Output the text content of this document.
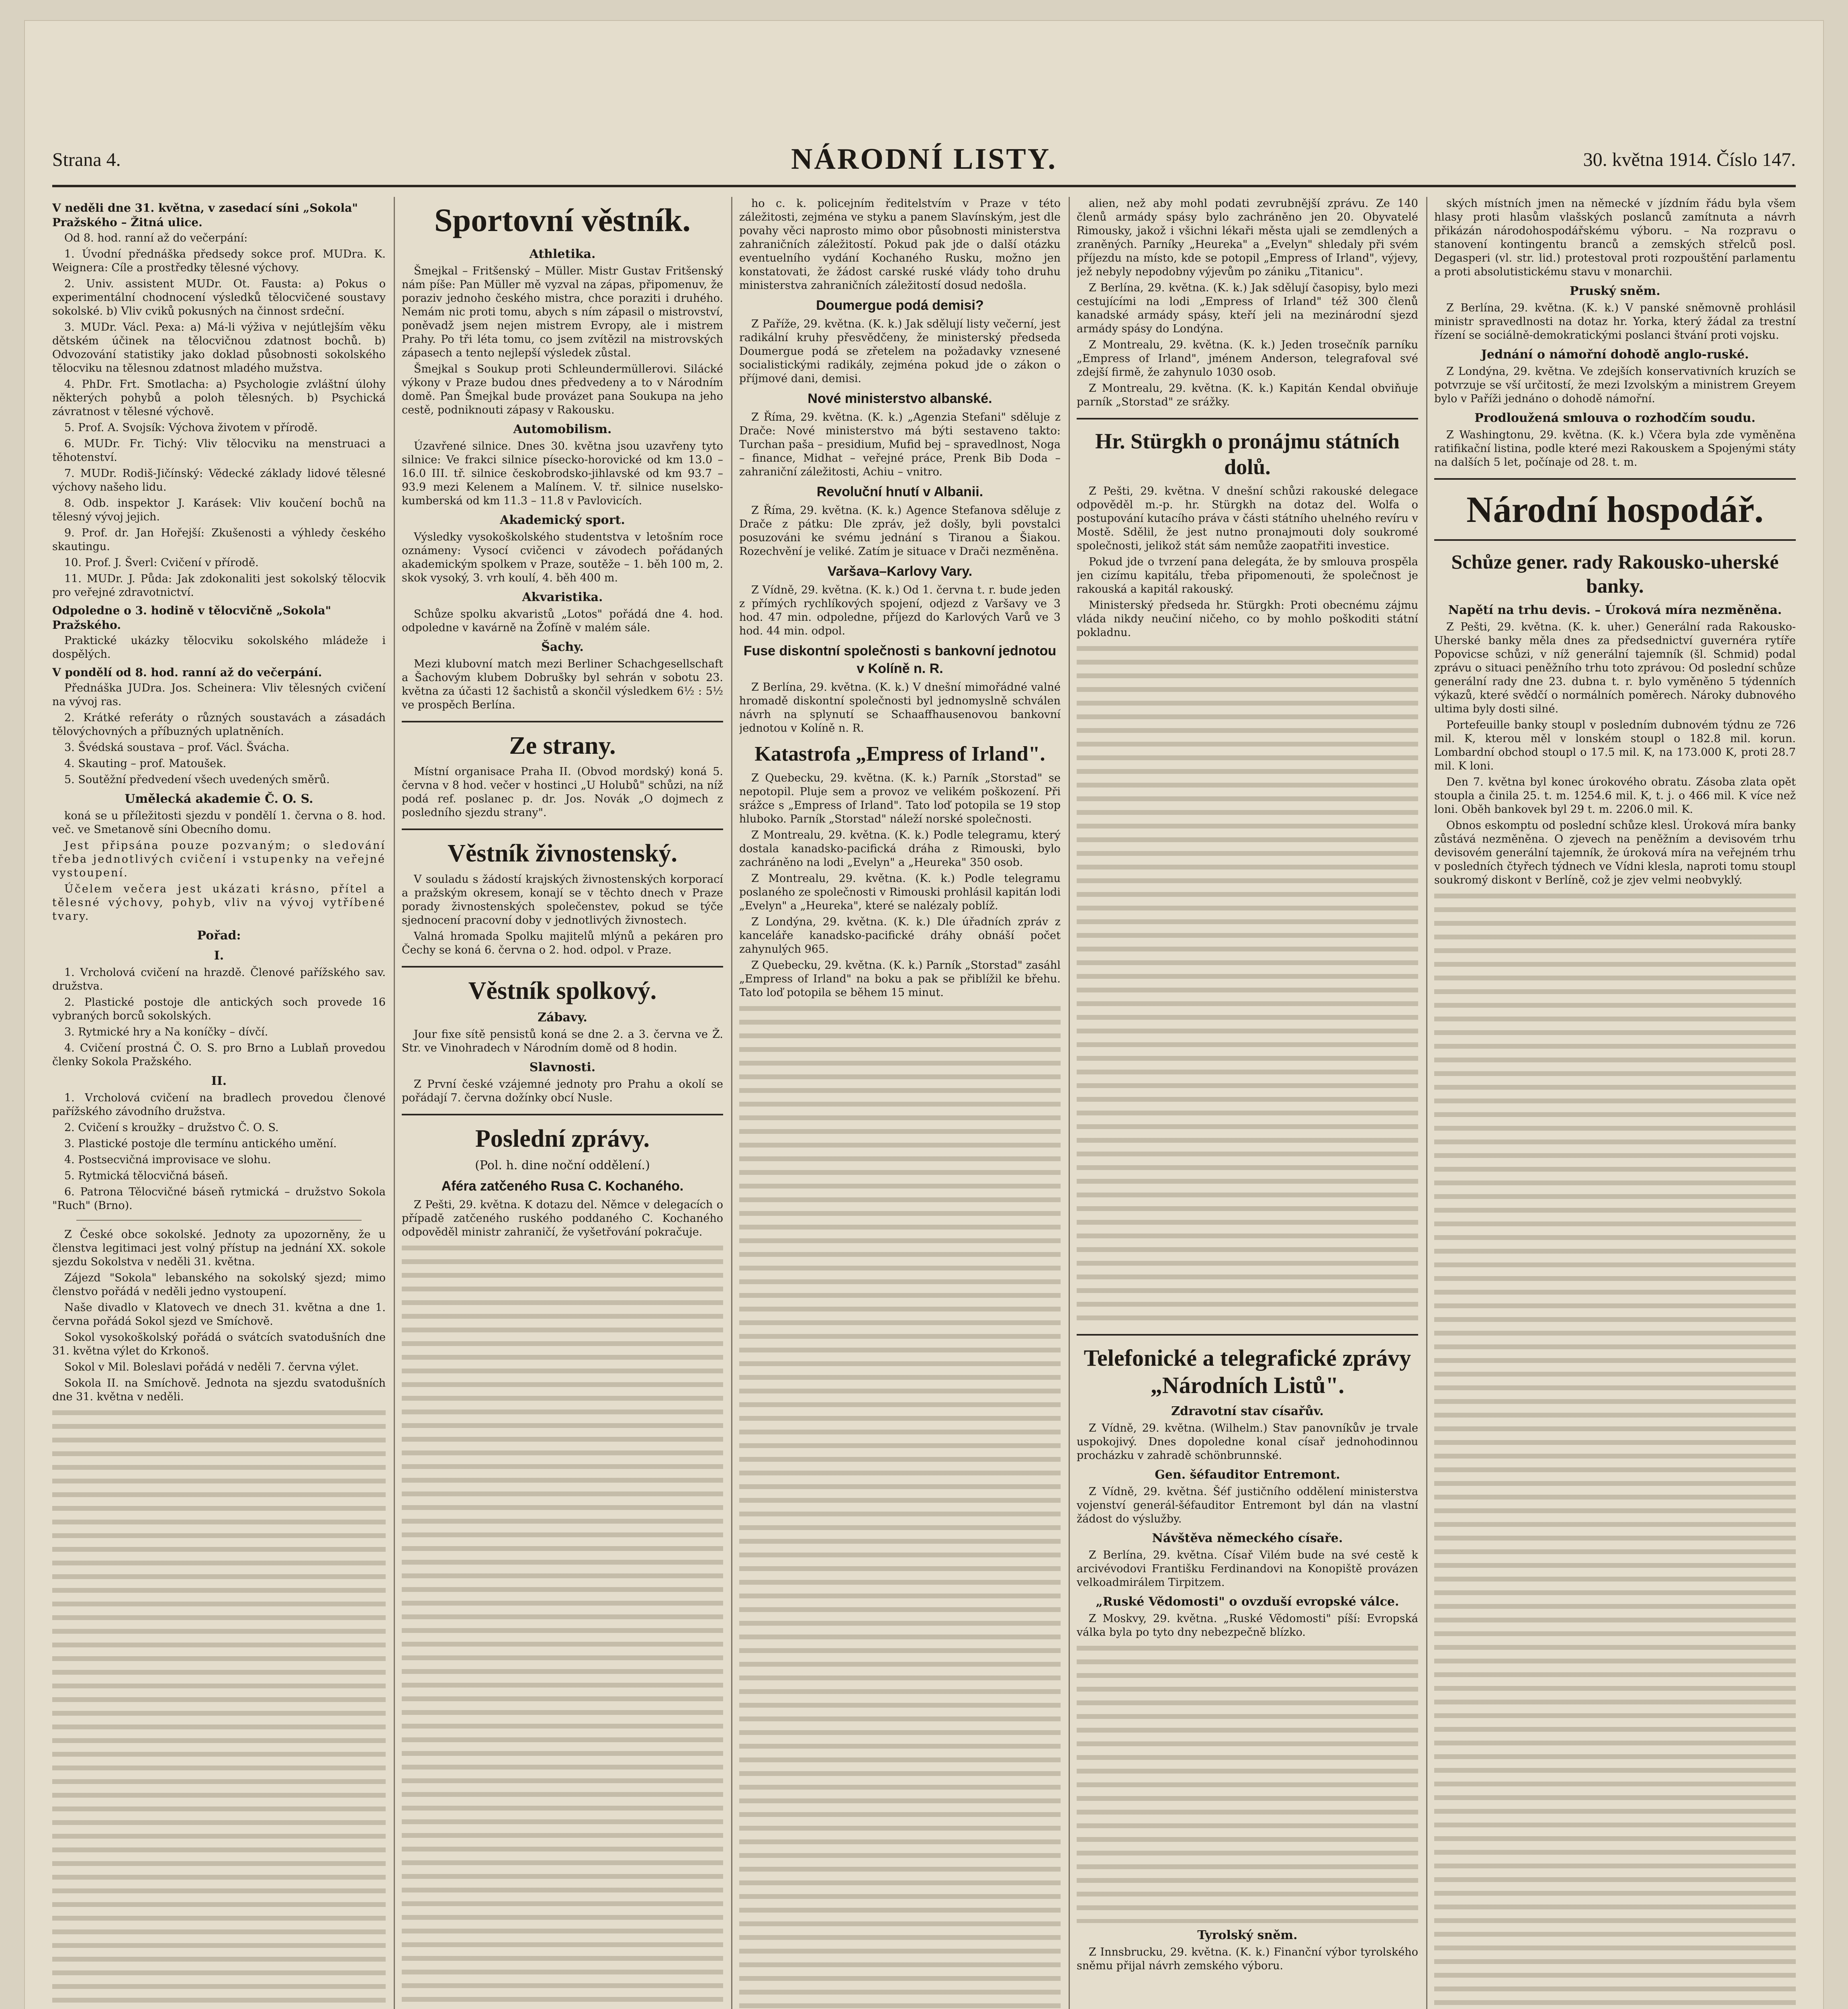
Strana 4.	NÁRODNÍ LISTY.	30. května 1914. Číslo 147.
V neděli dne 31. května, v zasedací síni „Sokola" Pražského – Žitná ulice.

Od 8. hod. ranní až do večerpání:

1. Úvodní přednáška předsedy sokce prof. MUDra. K. Weignera: Cíle a prostředky tělesné výchovy.

2. Univ. assistent MUDr. Ot. Fausta: a) Pokus o experimentální chodnocení výsledků tělocvičené soustavy sokolské. b) Vliv cviků pokusných na činnost srdeční.

3. MUDr. Václ. Pexa: a) Má-li výživa v nejútlejším věku dětském účinek na tělocvičnou zdatnost bochů. b) Odvozování statistiky jako doklad působnosti sokolského tělocviku na tělesnou zdatnost mladého mužstva.

4. PhDr. Frt. Smotlacha: a) Psychologie zvláštní úlohy některých pohybů a poloh tělesných. b) Psychická závratnost v tělesné výchově.

5. Prof. A. Svojsík: Výchova životem v přírodě.

6. MUDr. Fr. Tichý: Vliv tělocviku na menstruaci a těhotenství.

7. MUDr. Rodiš-Jičínský: Vědecké základy lidové tělesné výchovy našeho lidu.

8. Odb. inspektor J. Karásek: Vliv koučení bochů na tělesný vývoj jejich.

9. Prof. dr. Jan Hořejší: Zkušenosti a výhledy českého skautingu.

10. Prof. J. Šverl: Cvičení v přírodě.

11. MUDr. J. Půda: Jak zdokonaliti jest sokolský tělocvik pro veřejné zdravotnictví.

Odpoledne o 3. hodině v tělocvičně „Sokola" Pražského.

Praktické ukázky tělocviku sokolského mládeže i dospělých.

V pondělí od 8. hod. ranní až do večerpání.

Přednáška JUDra. Jos. Scheinera: Vliv tělesných cvičení na vývoj ras.

2. Krátké referáty o různých soustavách a zásadách tělovýchovných a příbuzných uplatněních.

3. Švédská soustava – prof. Václ. Švácha.

4. Skauting – prof. Matoušek.

5. Soutěžní předvedení všech uvedených směrů.

Umělecká akademie Č. O. S.

koná se u příležitosti sjezdu v pondělí 1. června o 8. hod. več. ve Smetanově síni Obecního domu.

Jest připsána pouze pozvaným; o sledování třeba jednotlivých cvičení i vstupenky na veřejné vystoupení.

Účelem večera jest ukázati krásno, přítel a tělesné výchovy, pohyb, vliv na vývoj vytříbené tvary.

Pořad:
I.

1. Vrcholová cvičení na hrazdě. Členové pařížského sav. družstva.

2. Plastické postoje dle antických soch provede 16 vybraných borců sokolských.

3. Rytmické hry a Na koníčky – dívčí.

4. Cvičení prostná Č. O. S. pro Brno a Lublaň provedou členky Sokola Pražského.

II.

1. Vrcholová cvičení na bradlech provedou členové pařížského závodního družstva.

2. Cvičení s kroužky – družstvo Č. O. S.

3. Plastické postoje dle termínu antického umění.

4. Postsecvičná improvisace ve slohu.

5. Rytmická tělocvičná báseň.

6. Patrona Tělocvičné báseň rytmická – družstvo Sokola "Ruch" (Brno).

Z České obce sokolské. Jednoty za upozorněny, že u členstva legitimaci jest volný přístup na jednání XX. sokole sjezdu Sokolstva v neděli 31. května.

Zájezd "Sokola" lebanského na sokolský sjezd; mimo členstvo pořádá v neděli jedno vystoupení.

Naše divadlo v Klatovech ve dnech 31. května a dne 1. června pořádá Sokol sjezd ve Smíchově.

Sokol vysokoškolský pořádá o svátcích svatodušních dne 31. května výlet do Krkonoš.

Sokol v Mil. Boleslavi pořádá v neděli 7. června výlet.

Sokola II. na Smíchově. Jednota na sjezdu svatodušních dne 31. května v neděli.

Sportovní věstník.
Athletika.

Šmejkal – Fritšenský – Müller. Mistr Gustav Fritšenský nám píše: Pan Müller mě vyzval na zápas, připomenuv, že poraziv jednoho českého mistra, chce poraziti i druhého. Nemám nic proti tomu, abych s ním zápasil o mistrovství, poněvadž jsem nejen mistrem Evropy, ale i mistrem Prahy. Po tři léta tomu, co jsem zvítězil na mistrovských zápasech a tento nejlepší výsledek zůstal.

Šmejkal s Soukup proti Schleundermüllerovi. Silácké výkony v Praze budou dnes předvedeny a to v Národním domě. Pan Šmejkal bude provázet pana Soukupa na jeho cestě, podniknouti zápasy v Rakousku.

Automobilism.

Úzavřené silnice. Dnes 30. května jsou uzavřeny tyto silnice: Ve frakci silnice písecko-horovické od km 13.0 – 16.0 III. tř. silnice českobrodsko-jihlavské od km 93.7 – 93.9 mezi Kelenem a Malínem. V. tř. silnice nuselsko-kumberská od km 11.3 – 11.8 v Pavlovicích.

Akademický sport.

Výsledky vysokoškolského studentstva v letošním roce oznámeny: Vysocí cvičenci v závodech pořádaných akademickým spolkem v Praze, soutěže – 1. běh 100 m, 2. skok vysoký, 3. vrh koulí, 4. běh 400 m.

Akvaristika.

Schůze spolku akvaristů „Lotos" pořádá dne 4. hod. odpoledne v kavárně na Žofíně v malém sále.

Šachy.

Mezi klubovní match mezi Berliner Schachgesellschaft a Šachovým klubem Dobrušky byl sehrán v sobotu 23. května za účasti 12 šachistů a skončil výsledkem 6½ : 5½ ve prospěch Berlína.

Ze strany.

Místní organisace Praha II. (Obvod mordský) koná 5. června v 8 hod. večer v hostinci „U Holubů" schůzi, na níž podá ref. poslanec p. dr. Jos. Novák „O dojmech z posledního sjezdu strany".

Věstník živnostenský.

V souladu s žádostí krajských živnostenských korporací a pražským okresem, konají se v těchto dnech v Praze porady živnostenských společenstev, pokud se týče sjednocení pracovní doby v jednotlivých živnostech.

Valná hromada Spolku majitelů mlýnů a pekáren pro Čechy se koná 6. června o 2. hod. odpol. v Praze.

Věstník spolkový.
Zábavy.

Jour fixe sítě pensistů koná se dne 2. a 3. června ve Ž. Str. ve Vinohradech v Národním domě od 8 hodin.

Slavnosti.

Z První české vzájemné jednoty pro Prahu a okolí se pořádají 7. června dožínky obcí Nusle.

Poslední zprávy.
(Pol. h. dine noční oddělení.)
Aféra zatčeného Rusa C. Kochaného.

Z Pešti, 29. května. K dotazu del. Němce v delegacích o případě zatčeného ruského poddaného C. Kochaného odpověděl ministr zahraničí, že vyšetřování pokračuje.

ho c. k. policejním ředitelstvím v Praze v této záležitosti, zejména ve styku a panem Slavínským, jest dle povahy věci naprosto mimo obor působnosti ministerstva zahraničních záležitostí. Pokud pak jde o další otázku eventuelního vydání Kochaného Rusku, možno jen konstatovati, že žádost carské ruské vlády toho druhu ministerstva zahraničních záležitostí dosud nedošla.

Doumergue podá demisi?

Z Paříže, 29. května. (K. k.) Jak sdělují listy večerní, jest radikální kruhy přesvědčeny, že ministerský předseda Doumergue podá se zřetelem na požadavky vznesené socialistickými radikály, zejména pokud jde o zákon o příjmové dani, demisi.

Nové ministerstvo albanské.

Z Říma, 29. května. (K. k.) „Agenzia Stefani" sděluje z Drače: Nové ministerstvo má býti sestaveno takto: Turchan paša – presidium, Mufid bej – spravedlnost, Noga – finance, Midhat – veřejné práce, Prenk Bib Doda – zahraniční záležitosti, Achiu – vnitro.

Revoluční hnutí v Albanii.

Z Říma, 29. května. (K. k.) Agence Stefanova sděluje z Drače z pátku: Dle zpráv, jež došly, byli povstalci posuzováni ke svému jednání s Tiranou a Šiakou. Rozechvění je veliké. Zatím je situace v Drači nezměněna.

Varšava–Karlovy Vary.

Z Vídně, 29. května. (K. k.) Od 1. června t. r. bude jeden z přímých rychlíkových spojení, odjezd z Varšavy ve 3 hod. 47 min. odpoledne, příjezd do Karlových Varů ve 3 hod. 44 min. odpol.

Fuse diskontní společnosti s bankovní jednotou v Kolíně n. R.

Z Berlína, 29. května. (K. k.) V dnešní mimořádné valné hromadě diskontní společnosti byl jednomyslně schválen návrh na splynutí se Schaaffhausenovou bankovní jednotou v Kolíně n. R.

Katastrofa „Empress of Irland".

Z Quebecku, 29. května. (K. k.) Parník „Storstad" se nepotopil. Pluje sem a provoz ve velikém poškození. Při srážce s „Empress of Irland". Tato loď potopila se 19 stop hluboko. Parník „Storstad" náleží norské společnosti.

Z Montrealu, 29. května. (K. k.) Podle telegramu, který dostala kanadsko-pacifická dráha z Rimouski, bylo zachráněno na lodi „Evelyn" a „Heureka" 350 osob.

Z Montrealu, 29. května. (K. k.) Podle telegramu poslaného ze společnosti v Rimouski prohlásil kapitán lodi „Evelyn" a „Heureka", které se nalézaly poblíž.

Z Londýna, 29. května. (K. k.) Dle úřadních zpráv z kanceláře kanadsko-pacifické dráhy obnáší počet zahynulých 965.

Z Quebecku, 29. května. (K. k.) Parník „Storstad" zasáhl „Empress of Irland" na boku a pak se přiblížil ke břehu. Tato loď potopila se během 15 minut.

alien, než aby mohl podati zevrubnější zprávu. Ze 140 členů armády spásy bylo zachráněno jen 20. Obyvatelé Rimousky, jakož i všichni lékaři města ujali se zemdlených a zraněných. Parníky „Heureka" a „Evelyn" shledaly při svém příjezdu na místo, kde se potopil „Empress of Irland", výjevy, jež nebyly nepodobny výjevům po zániku „Titanicu".

Z Berlína, 29. května. (K. k.) Jak sdělují časopisy, bylo mezi cestujícími na lodi „Empress of Irland" též 300 členů kanadské armády spásy, kteří jeli na mezinárodní sjezd armády spásy do Londýna.

Z Montrealu, 29. května. (K. k.) Jeden trosečník parníku „Empress of Irland", jménem Anderson, telegrafoval své zdejší firmě, že zahynulo 1030 osob.

Z Montrealu, 29. května. (K. k.) Kapitán Kendal obviňuje parník „Storstad" ze srážky.

Hr. Stürgkh o pronájmu státních dolů.

Z Pešti, 29. května. V dnešní schůzi rakouské delegace odpověděl m.-p. hr. Stürgkh na dotaz del. Wolfa o postupování kutacího práva v části státního uhelného revíru v Mostě. Sdělil, že jest nutno pronajmouti doly soukromé společnosti, jelikož stát sám nemůže zaopatřiti investice.

Pokud jde o tvrzení pana delegáta, že by smlouva prospěla jen cizímu kapitálu, třeba připomenouti, že společnost je rakouská a kapitál rakouský.

Ministerský předseda hr. Stürgkh: Proti obecnému zájmu vláda nikdy neučiní ničeho, co by mohlo poškoditi státní pokladnu.

Telefonické a telegrafické zprávy „Národních Listů".
Zdravotní stav císařův.

Z Vídně, 29. května. (Wilhelm.) Stav panovníkův je trvale uspokojivý. Dnes dopoledne konal císař jednohodinnou procházku v zahradě schönbrunnské.

Gen. šéfauditor Entremont.

Z Vídně, 29. května. Šéf justičního oddělení ministerstva vojenství generál-šéfauditor Entremont byl dán na vlastní žádost do výslužby.

Návštěva německého císaře.

Z Berlína, 29. května. Císař Vilém bude na své cestě k arcivévodovi Františku Ferdinandovi na Konopiště provázen velkoadmirálem Tirpitzem.

„Ruské Vědomosti" o ovzduší evropské válce.

Z Moskvy, 29. května. „Ruské Vědomosti" píší: Evropská válka byla po tyto dny nebezpečně blízko.

Tyrolský sněm.

Z Innsbrucku, 29. května. (K. k.) Finanční výbor tyrolského sněmu přijal návrh zemského výboru.

ských místních jmen na německé v jízdním řádu byla všem hlasy proti hlasům vlašských poslanců zamítnuta a návrh přikázán národohospodářskému výboru. – Na rozpravu o stanovení kontingentu branců a zemských střelců posl. Degasperi (vl. str. lid.) protestoval proti rozpouštění parlamentu a proti absolutistickému stavu v monarchii.

Pruský sněm.

Z Berlína, 29. května. (K. k.) V panské sněmovně prohlásil ministr spravedlnosti na dotaz hr. Yorka, který žádal za trestní řízení se sociálně-demokratickými poslanci štvání proti vojsku.

Jednání o námořní dohodě anglo-ruské.

Z Londýna, 29. května. Ve zdejších konservativních kruzích se potvrzuje se vší určitostí, že mezi Izvolským a ministrem Greyem bylo v Paříži jednáno o dohodě námořní.

Prodloužená smlouva o rozhodčím soudu.

Z Washingtonu, 29. května. (K. k.) Včera byla zde vyměněna ratifikační listina, podle které mezi Rakouskem a Spojenými státy na dalších 5 let, počínaje od 28. t. m.

Národní hospodář.
Schůze gener. rady Rakousko-uherské banky.
Napětí na trhu devis. – Úroková míra nezměněna.

Z Pešti, 29. května. (K. k. uher.) Generální rada Rakousko-Uherské banky měla dnes za předsednictví guvernéra rytíře Popovicse schůzi, v níž generální tajemník (šl. Schmid) podal zprávu o situaci peněžního trhu toto zprávou: Od poslední schůze generální rady dne 23. dubna t. r. bylo vyměněno 5 týdenních výkazů, které svědčí o normálních poměrech. Nároky dubnového ultima byly dosti silné.

Portefeuille banky stoupl v posledním dubnovém týdnu ze 726 mil. K, kterou měl v lonském stoupl o 182.8 mil. korun. Lombardní obchod stoupl o 17.5 mil. K, na 173.000 K, proti 28.7 mil. K loni.

Den 7. května byl konec úrokového obratu. Zásoba zlata opět stoupla a činila 25. t. m. 1254.6 mil. K, t. j. o 466 mil. K více než loni. Oběh bankovek byl 29 t. m. 2206.0 mil. K.

Obnos eskomptu od poslední schůze klesl. Úroková míra banky zůstává nezměněna. O zjevech na peněžním a devisovém trhu devisovém generální tajemník, že úroková míra na veřejném trhu v posledních čtyřech týdnech ve Vídni klesla, naproti tomu stoupl soukromý diskont v Berlíně, což je zjev velmi neobvyklý.
